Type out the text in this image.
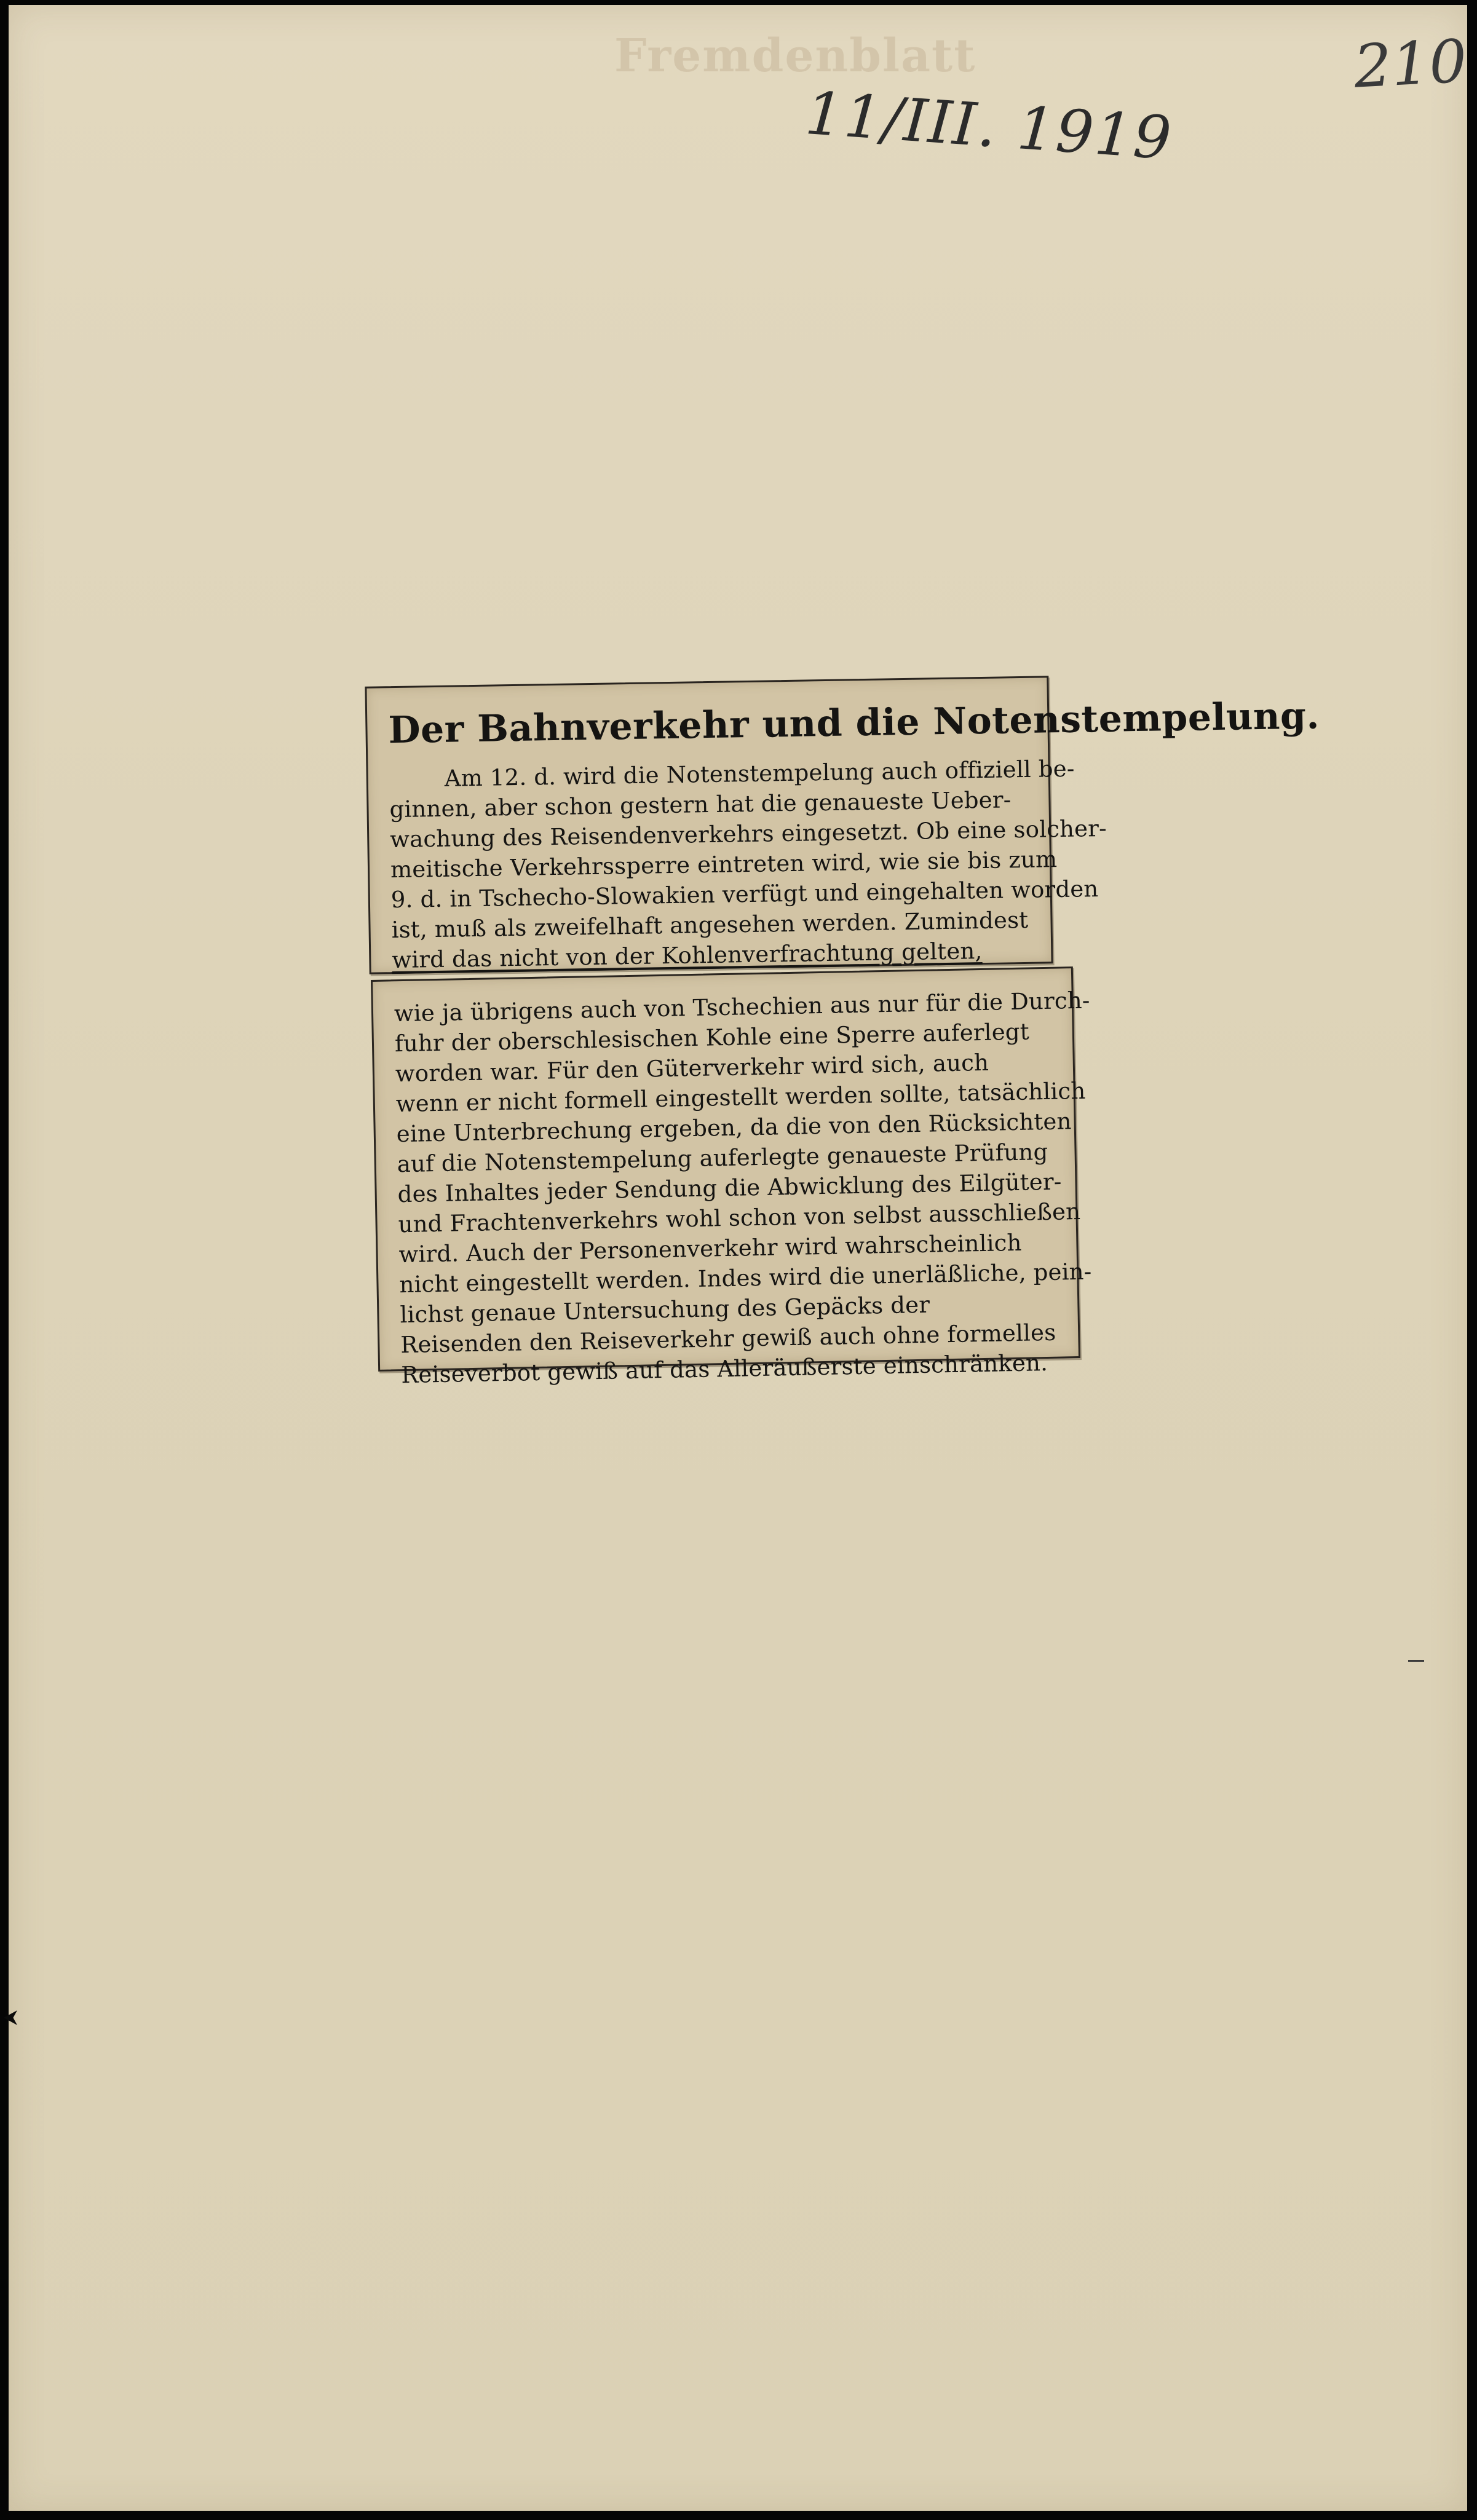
Fremdenblatt
11/III. 1919
210
Der Bahnverkehr und die Notenstempelung.
Am 12. d. wird die Notenstempelung auch offiziell be-
ginnen, aber schon gestern hat die genaueste Ueber-
wachung des Reisendenverkehrs eingesetzt. Ob eine solcher-
meitische Verkehrssperre eintreten wird, wie sie bis zum
9. d. in Tschecho-Slowakien verfügt und eingehalten worden
ist, muß als zweifelhaft angesehen werden. Zumindest
wird das nicht von der Kohlenverfrachtung gelten,
wie ja übrigens auch von Tschechien aus nur für die Durch-
fuhr der oberschlesischen Kohle eine Sperre auferlegt
worden war. Für den Güterverkehr wird sich, auch
wenn er nicht formell eingestellt werden sollte, tatsächlich
eine Unterbrechung ergeben, da die von den Rücksichten
auf die Notenstempelung auferlegte genaueste Prüfung
des Inhaltes jeder Sendung die Abwicklung des Eilgüter-
und Frachtenverkehrs wohl schon von selbst ausschließen
wird. Auch der Personenverkehr wird wahrscheinlich
nicht eingestellt werden. Indes wird die unerläßliche, pein-
lichst genaue Untersuchung des Gepäcks der
Reisenden den Reiseverkehr gewiß auch ohne formelles
Reiseverbot gewiß auf das Alleräußerste einschränken.
